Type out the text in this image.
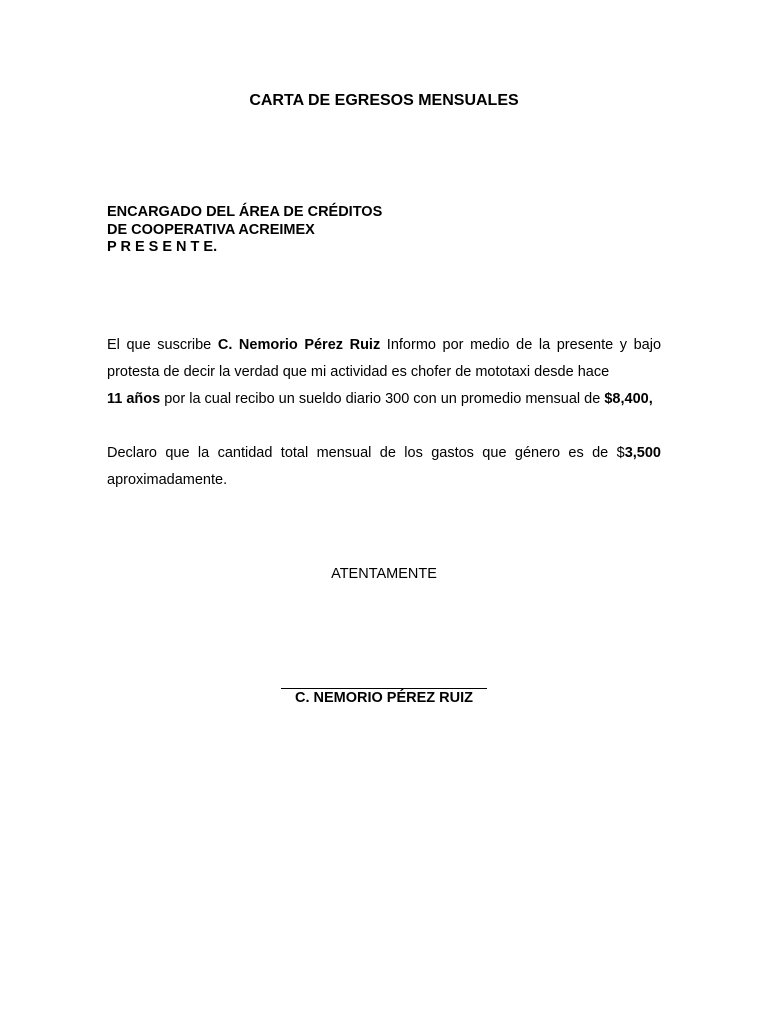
CARTA DE EGRESOS MENSUALES
ENCARGADO DEL ÁREA DE CRÉDITOS
DE COOPERATIVA ACREIMEX
P R E S E N T E.
El que suscribe C. Nemorio Pérez Ruiz Informo por medio de la presente y bajo
protesta de decir la verdad que mi actividad es chofer de mototaxi desde hace
11 años por la cual recibo un sueldo diario 300 con un promedio mensual de $8,400,
Declaro que la cantidad total mensual de los gastos que género es de $3,500
aproximadamente.
ATENTAMENTE
C. NEMORIO PÉREZ RUIZ
